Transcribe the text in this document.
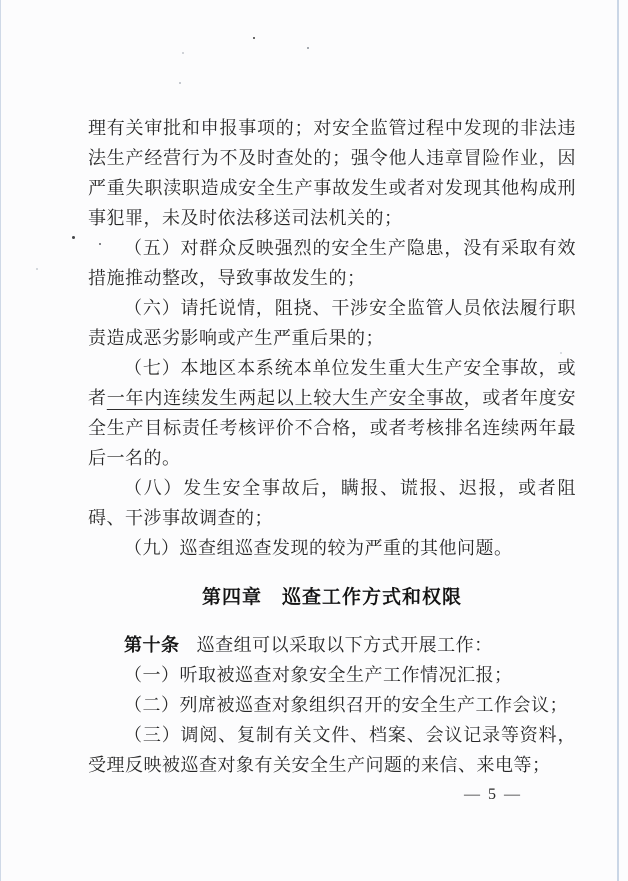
理有关审批和申报事项的；对安全监管过程中发现的非法违法生产经营行为不及时查处的；强令他人违章冒险作业，因严重失职渎职造成安全生产事故发生或者对发现其他构成刑事犯罪，未及时依法移送司法机关的；

（五）对群众反映强烈的安全生产隐患，没有采取有效措施推动整改，导致事故发生的；

（六）请托说情，阻挠、干涉安全监管人员依法履行职责造成恶劣影响或产生严重后果的；

（七）本地区本系统本单位发生重大生产安全事故，或者一年内连续发生两起以上较大生产安全事故，或者年度安全生产目标责任考核评价不合格，或者考核排名连续两年最后一名的。

（八）发生安全事故后，瞒报、谎报、迟报，或者阻碍、干涉事故调查的；

（九）巡查组巡查发现的较为严重的其他问题。

第四章　巡查工作方式和权限

第十条 巡查组可以采取以下方式开展工作：

（一）听取被巡查对象安全生产工作情况汇报；

（二）列席被巡查对象组织召开的安全生产工作会议；

（三）调阅、复制有关文件、档案、会议记录等资料，受理反映被巡查对象有关安全生产问题的来信、来电等；

— 5 —
